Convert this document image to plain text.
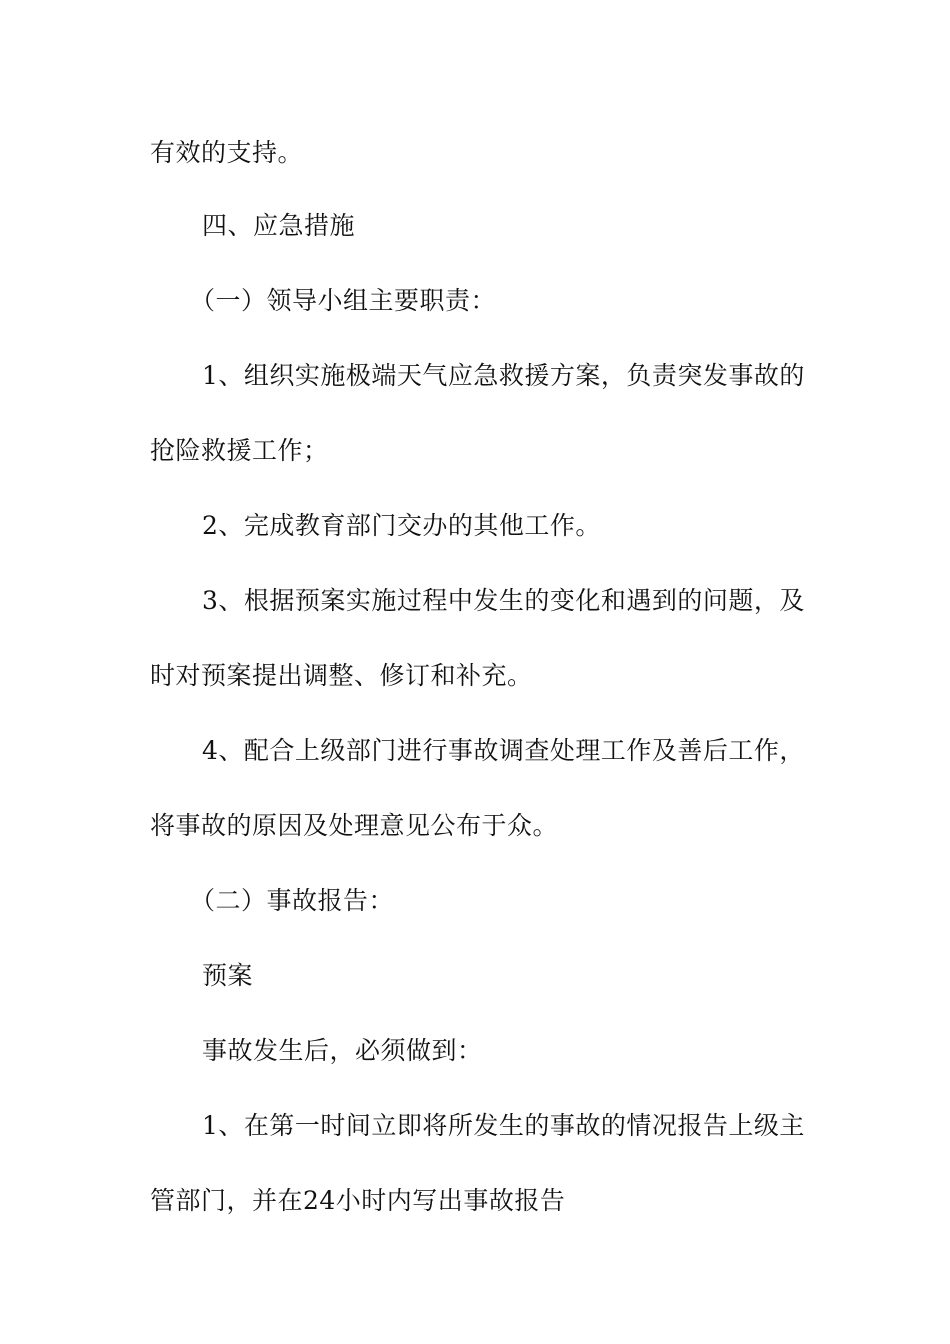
有效的支持。
四、应急措施
（一）领导小组主要职责：
1、组织实施极端天气应急救援方案，负责突发事故的
抢险救援工作；
2、完成教育部门交办的其他工作。
3、根据预案实施过程中发生的变化和遇到的问题，及
时对预案提出调整、修订和补充。
4、配合上级部门进行事故调查处理工作及善后工作，
将事故的原因及处理意见公布于众。
（二）事故报告：
预案
事故发生后，必须做到：
1、在第一时间立即将所发生的事故的情况报告上级主
管部门，并在24小时内写出事故报告
